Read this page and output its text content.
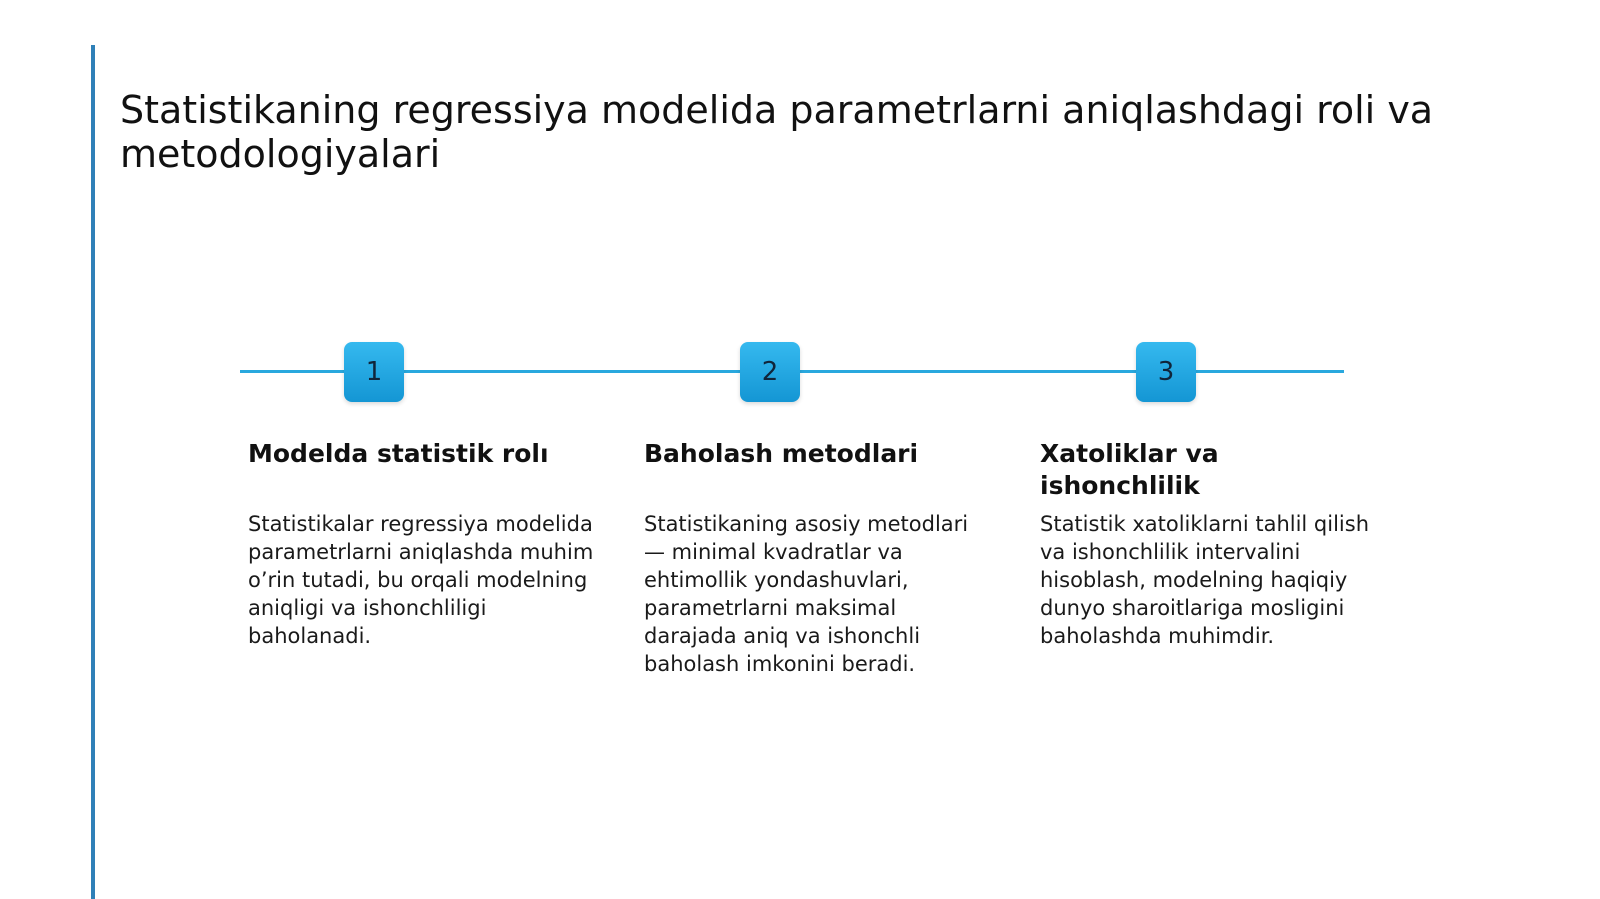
Statistikaning regressiya modelida parametrlarni aniqlashdagi roli va metodologiyalari
1	2	3
Modelda statistik rolı	Baholash metodlari	Xatoliklar va ishonchlilik

Statistikalar regressiya modelida parametrlarni aniqlashda muhim o’rin tutadi, bu orqali modelning aniqligi va ishonchliligi baholanadi.

Statistikaning asosiy metodlari — minimal kvadratlar va ehtimollik yondashuvlari, parametrlarni maksimal darajada aniq va ishonchli baholash imkonini beradi.

Statistik xatoliklarni tahlil qilish va ishonchlilik intervalini hisoblash, modelning haqiqiy dunyo sharoitlariga mosligini baholashda muhimdir.
